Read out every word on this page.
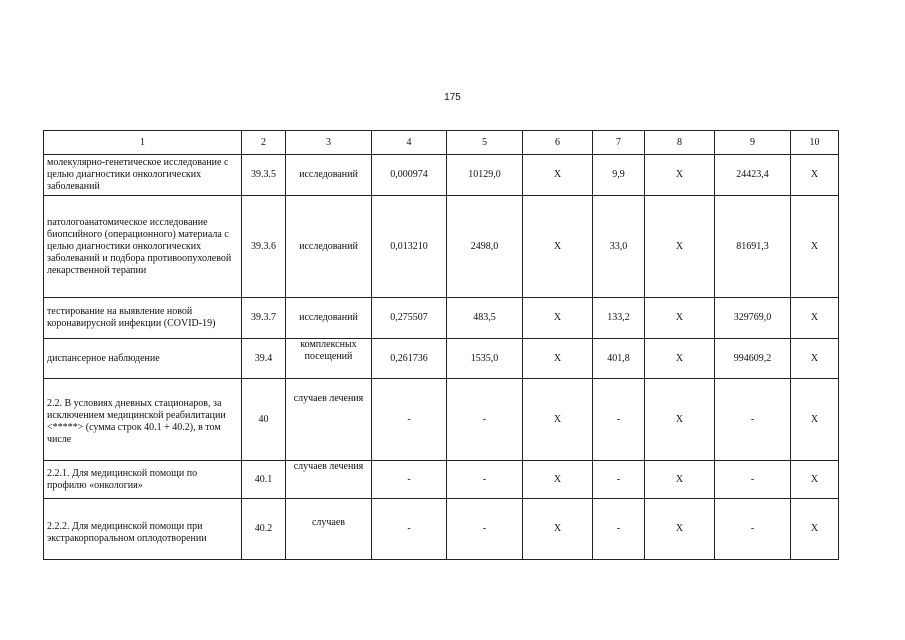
175
1	2	3	4	5	6	7	8	9	10
молекулярно-генетическое исследование с целью диагностики онкологических заболеваний	39.3.5	исследований	0,000974	10129,0	X	9,9	X	24423,4	X
патологоанатомическое исследование биопсийного (операционного) материала с целью диагностики онкологических заболеваний и подбора противоопухолевой лекарственной терапии	39.3.6	исследований	0,013210	2498,0	X	33,0	X	81691,3	X
тестирование на выявление новой коронавирусной инфекции (COVID-19)	39.3.7	исследований	0,275507	483,5	X	133,2	X	329769,0	X
диспансерное наблюдение	39.4	комплексных посещений	0,261736	1535,0	X	401,8	X	994609,2	X
2.2. В условиях дневных стационаров, за исключением медицинской реабилитации <*****> (сумма строк 40.1 + 40.2), в том числе	40	случаев лечения	-	-	X	-	X	-	X
2.2.1. Для медицинской помощи по профилю «онкология»	40.1	случаев лечения	-	-	X	-	X	-	X
2.2.2. Для медицинской помощи при экстракорпоральном оплодотворении	40.2	случаев	-	-	X	-	X	-	X
